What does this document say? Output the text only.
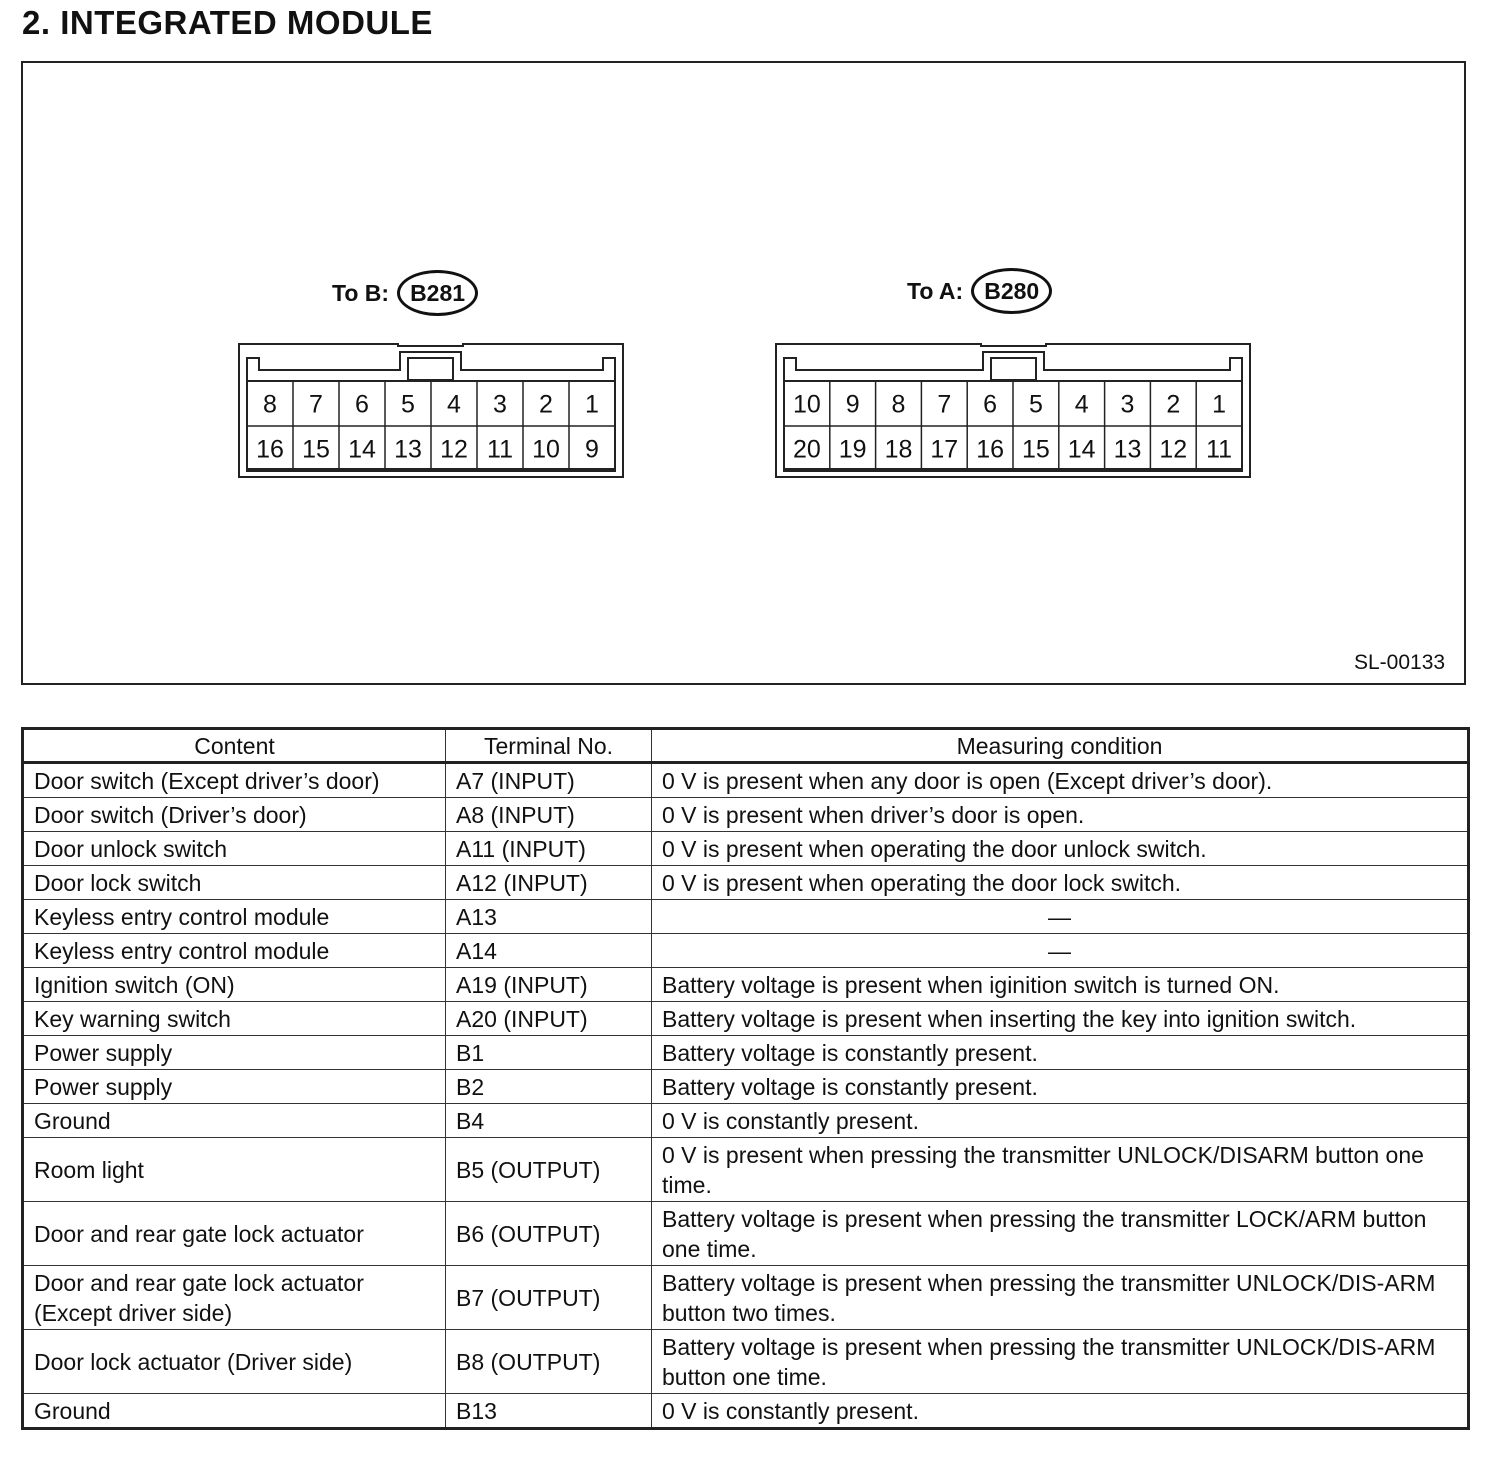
2. INTEGRATED MODULE
To B: B281	To A: B280
8 7 6 5 4 3 2 1
16 15 14 13 12 11 10 9
10 9 8 7 6 5 4 3 2 1
20 19 18 17 16 15 14 13 12 11
SL-00133
Content	Terminal No.	Measuring condition
Door switch (Except driver’s door)	A7 (INPUT)	0 V is present when any door is open (Except driver’s door).
Door switch (Driver’s door)	A8 (INPUT)	0 V is present when driver’s door is open.
Door unlock switch	A11 (INPUT)	0 V is present when operating the door unlock switch.
Door lock switch	A12 (INPUT)	0 V is present when operating the door lock switch.
Keyless entry control module	A13	—
Keyless entry control module	A14	—
Ignition switch (ON)	A19 (INPUT)	Battery voltage is present when iginition switch is turned ON.
Key warning switch	A20 (INPUT)	Battery voltage is present when inserting the key into ignition switch.
Power supply	B1	Battery voltage is constantly present.
Power supply	B2	Battery voltage is constantly present.
Ground	B4	0 V is constantly present.
Room light	B5 (OUTPUT)	0 V is present when pressing the transmitter UNLOCK/DISARM button one time.
Door and rear gate lock actuator	B6 (OUTPUT)	Battery voltage is present when pressing the transmitter LOCK/ARM button one time.
Door and rear gate lock actuator (Except driver side)	B7 (OUTPUT)	Battery voltage is present when pressing the transmitter UNLOCK/DIS-ARM button two times.
Door lock actuator (Driver side)	B8 (OUTPUT)	Battery voltage is present when pressing the transmitter UNLOCK/DIS-ARM button one time.
Ground	B13	0 V is constantly present.
